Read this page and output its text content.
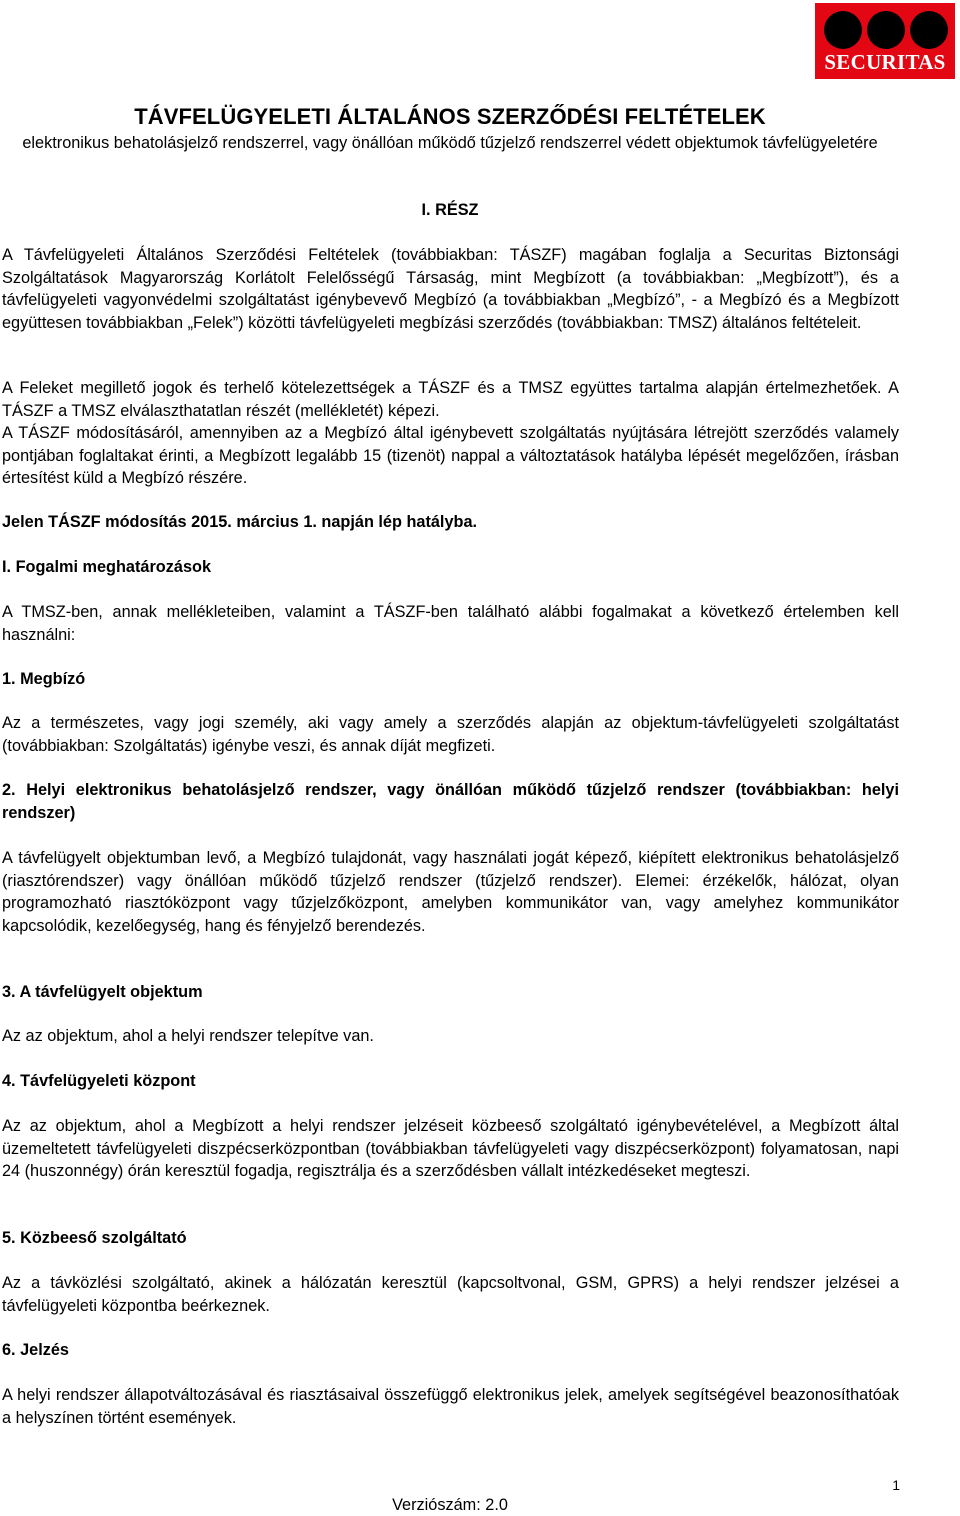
SECURITAS
TÁVFELÜGYELETI ÁLTALÁNOS SZERZŐDÉSI FELTÉTELEK
elektronikus behatolásjelző rendszerrel, vagy önállóan működő tűzjelző rendszerrel védett objektumok távfelügyeletére
I. RÉSZ

A Távfelügyeleti Általános Szerződési Feltételek (továbbiakban: TÁSZF) magában foglalja a Securitas Biztonsági Szolgáltatások Magyarország Korlátolt Felelősségű Társaság, mint Megbízott (a továbbiakban: „Megbízott”), és a távfelügyeleti vagyonvédelmi szolgáltatást igénybevevő Megbízó (a továbbiakban „Megbízó”, - a Megbízó és a Megbízott együttesen továbbiakban „Felek”) közötti távfelügyeleti megbízási szerződés (továbbiakban: TMSZ) általános feltételeit.

A Feleket megillető jogok és terhelő kötelezettségek a TÁSZF és a TMSZ együttes tartalma alapján értelmezhetőek. A TÁSZF a TMSZ elválaszthatatlan részét (mellékletét) képezi.

A TÁSZF módosításáról, amennyiben az a Megbízó által igénybevett szolgáltatás nyújtására létrejött szerződés valamely pontjában foglaltakat érinti, a Megbízott legalább 15 (tizenöt) nappal a változtatások hatályba lépését megelőzően, írásban értesítést küld a Megbízó részére.

Jelen TÁSZF módosítás 2015. március 1. napján lép hatályba.

I. Fogalmi meghatározások

A TMSZ-ben, annak mellékleteiben, valamint a TÁSZF-ben található alábbi fogalmakat a következő értelemben kell használni:

1. Megbízó

Az a természetes, vagy jogi személy, aki vagy amely a szerződés alapján az objektum-távfelügyeleti szolgáltatást (továbbiakban: Szolgáltatás) igénybe veszi, és annak díját megfizeti.

2. Helyi elektronikus behatolásjelző rendszer, vagy önállóan működő tűzjelző rendszer (továbbiakban: helyi rendszer)

A távfelügyelt objektumban levő, a Megbízó tulajdonát, vagy használati jogát képező, kiépített elektronikus behatolásjelző (riasztórendszer) vagy önállóan működő tűzjelző rendszer (tűzjelző rendszer). Elemei: érzékelők, hálózat, olyan programozható riasztóközpont vagy tűzjelzőközpont, amelyben kommunikátor van, vagy amelyhez kommunikátor kapcsolódik, kezelőegység, hang és fényjelző berendezés.

3. A távfelügyelt objektum

Az az objektum, ahol a helyi rendszer telepítve van.

4. Távfelügyeleti központ

Az az objektum, ahol a Megbízott a helyi rendszer jelzéseit közbeeső szolgáltató igénybevételével, a Megbízott által üzemeltetett távfelügyeleti diszpécserközpontban (továbbiakban távfelügyeleti vagy diszpécserközpont) folyamatosan, napi 24 (huszonnégy) órán keresztül fogadja, regisztrálja és a szerződésben vállalt intézkedéseket megteszi.

5. Közbeeső szolgáltató

Az a távközlési szolgáltató, akinek a hálózatán keresztül (kapcsoltvonal, GSM, GPRS) a helyi rendszer jelzései a távfelügyeleti központba beérkeznek.

6. Jelzés

A helyi rendszer állapotváltozásával és riasztásaival összefüggő elektronikus jelek, amelyek segítségével beazonosíthatóak a helyszínen történt események.

1
Verziószám: 2.0
